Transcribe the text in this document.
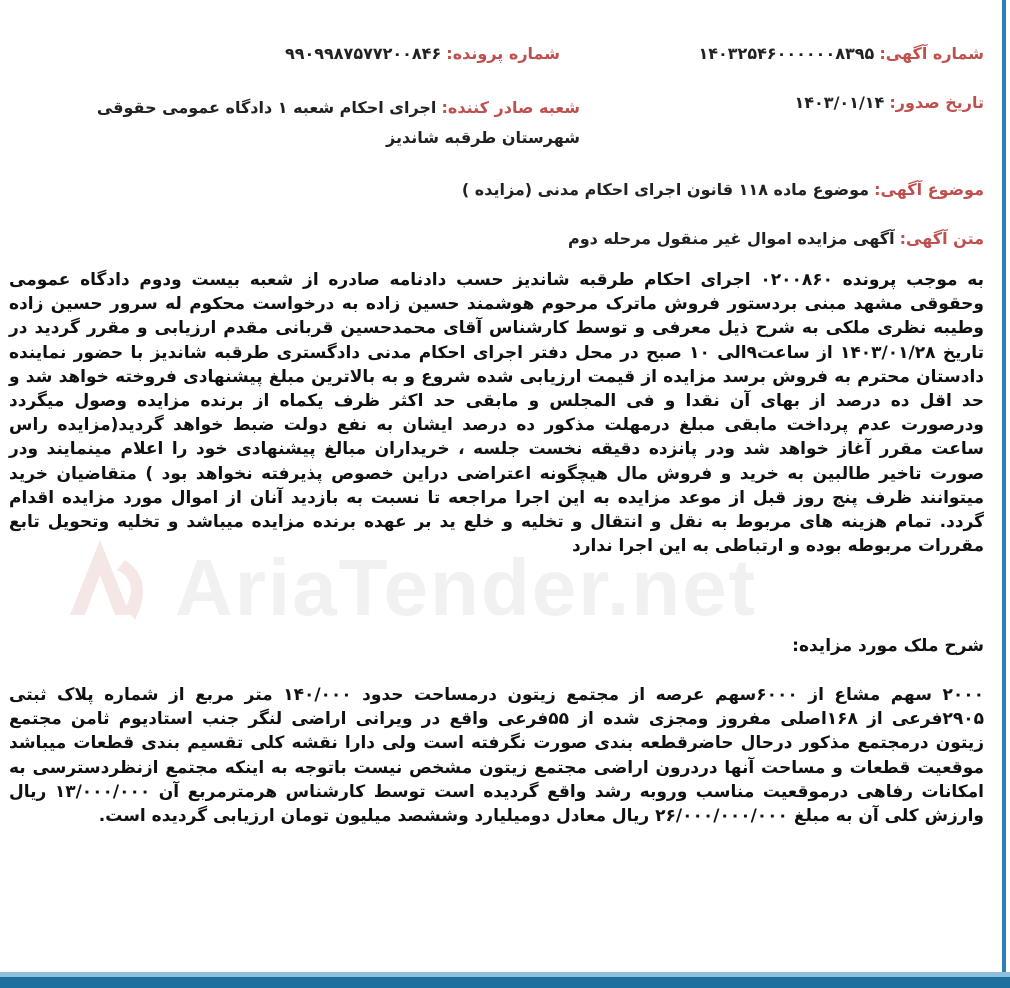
AriaTender.net
شماره آگهی: ۱۴۰۳۲۵۴۶۰۰۰۰۰۰۸۳۹۵
شماره پرونده: ۹۹۰۹۹۸۷۵۷۷۲۰۰۸۴۶
تاریخ صدور: ۱۴۰۳/۰۱/۱۴
شعبه صادر کننده: اجرای احکام شعبه ۱ دادگاه عمومی حقوقی شهرستان طرقبه شاندیز
موضوع آگهی: موضوع ماده ۱۱۸ قانون اجرای احکام مدنی (مزایده )
متن آگهی: آگهی مزایده اموال غیر منقول مرحله دوم
به موجب پرونده ۰۲۰۰۸۶۰ اجرای احکام طرقبه شاندیز حسب دادنامه صادره از شعبه بیست ودوم دادگاه عمومی وحقوقی مشهد مبنی بردستور فروش ماترک مرحوم هوشمند حسین زاده به درخواست محکوم له سرور حسین زاده وطیبه نظری ملکی به شرح ذیل معرفی و توسط کارشناس آقای محمدحسین قربانی مقدم ارزیابی و مقرر گردید در تاریخ ۱۴۰۳/۰۱/۲۸ از ساعت۹الی ۱۰ صبح در محل دفتر اجرای احکام مدنی دادگستری طرقبه شاندیز با حضور نماینده دادستان محترم به فروش برسد مزایده از قیمت ارزیابی شده شروع و به بالاترین مبلغ پیشنهادی فروخته خواهد شد و حد اقل ده درصد از بهای آن نقدا و فی المجلس و مابقی حد اکثر ظرف یکماه از برنده مزایده وصول میگردد ودرصورت عدم پرداخت مابقی مبلغ درمهلت مذکور ده درصد ایشان به نفع دولت ضبط خواهد گردید(مزایده راس ساعت مقرر آغاز خواهد شد ودر پانزده دقیقه نخست جلسه ، خریداران مبالغ پیشنهادی خود را اعلام مینمایند ودر صورت تاخیر طالبین به خرید و فروش مال هیچگونه اعتراضی دراین خصوص پذیرفته نخواهد بود ) متقاضیان خرید میتوانند ظرف پنج روز قبل از موعد مزایده به این اجرا مراجعه تا نسبت به بازدید آنان از اموال مورد مزایده اقدام گردد. تمام هزینه های مربوط به نقل و انتقال و تخلیه و خلع ید بر عهده برنده مزایده میباشد و تخلیه وتحویل تابع مقررات مربوطه بوده و ارتباطی به این اجرا ندارد
شرح ملک مورد مزایده:
۲۰۰۰ سهم مشاع از ۶۰۰۰سهم عرصه از مجتمع زیتون درمساحت حدود ۱۴۰/۰۰۰ متر مربع از شماره پلاک ثبتی ۲۹۰۵فرعی از ۱۶۸اصلی مفروز ومجزی شده از ۵۵فرعی واقع در ویرانی اراضی لنگر جنب استادیوم ثامن مجتمع زیتون درمجتمع مذکور درحال حاضرقطعه بندی صورت نگرفته است ولی دارا نقشه کلی تقسیم بندی قطعات میباشد موقعیت قطعات و مساحت آنها دردرون اراضی مجتمع زیتون مشخص نیست باتوجه به اینکه مجتمع ازنظردسترسی به امکانات رفاهی درموقعیت مناسب وروبه رشد واقع گردیده است توسط کارشناس هرمترمربع آن ۱۳/۰۰۰/۰۰۰ ریال وارزش کلی آن به مبلغ ۲۶/۰۰۰/۰۰۰/۰۰۰ ریال معادل دومیلیارد وششصد میلیون تومان ارزیابی گردیده است.
